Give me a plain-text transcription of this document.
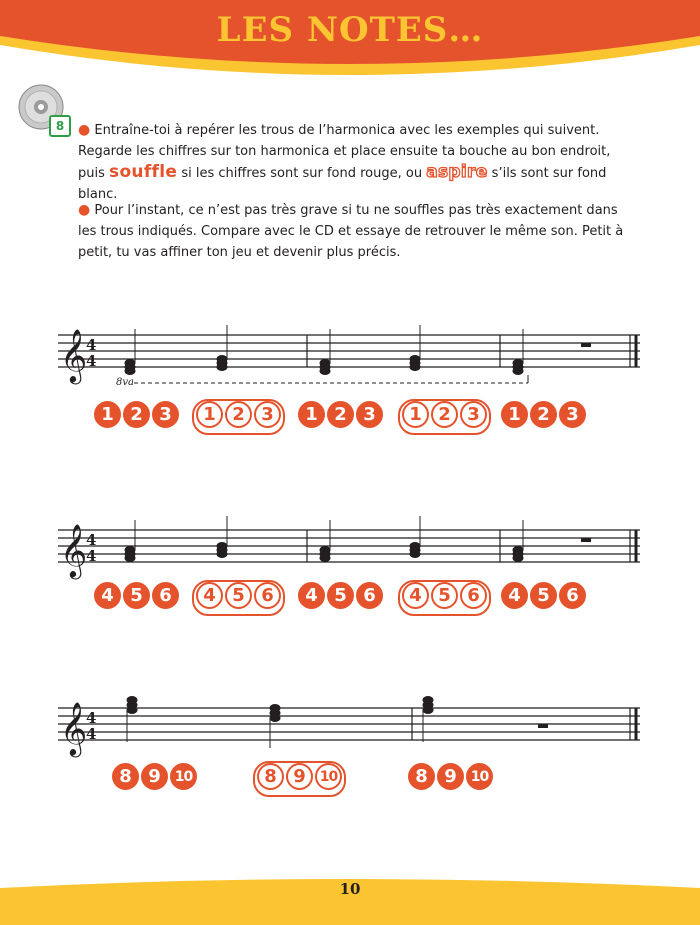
LES NOTES…
8 ● Entraîne-toi à repérer les trous de l’harmonica avec les exemples qui suivent. Regarde les chiffres sur ton harmonica et place ensuite ta bouche au bon endroit, puis souffle si les chiffres sont sur fond rouge, ou aspire s’ils sont sur fond blanc.
● Pour l’instant, ce n’est pas très grave si tu ne souffles pas très exactement dans les trous indiqués. Compare avec le CD et essaye de retrouver le même son. Petit à petit, tu vas affiner ton jeu et devenir plus précis.
𝄞
4
4
8va
1 2 3	1 2 3	1 2 3	1 2 3	1 2 3
𝄞
4
4
4 5 6	4 5 6	4 5 6	4 5 6	4 5 6
𝄞
4
4
8 9 10	8 9 10	8 9 10
10
